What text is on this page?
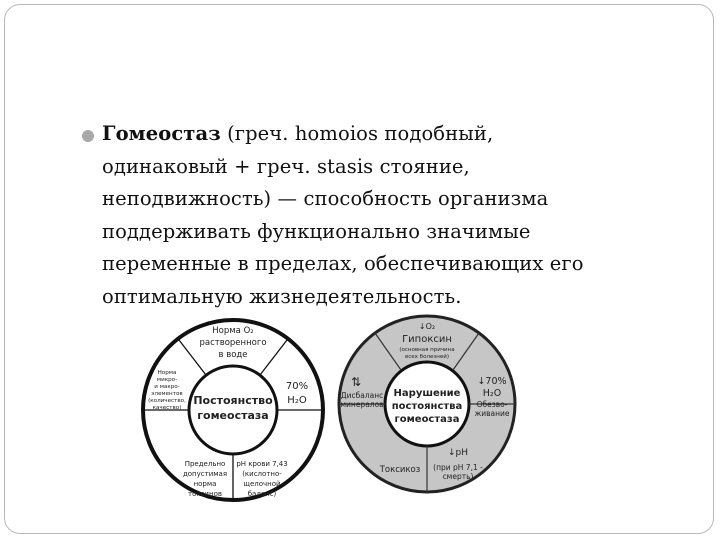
Гомеостаз (греч. homoios подобный,
одинаковый + греч. stasis стояние,
неподвижность) — способность организма
поддерживать функционально значимые
переменные в пределах, обеспечивающих его
оптимальную жизнедеятельность.
Постоянство
гомеостаза
Норма O₂
растворенного
в воде
Норма
микро-
и макро-
элементов
(количество,
качество)
70%
H₂O
Предельно
допустимая
норма
токсинов
pH крови 7,43
(кислотно-
щелочной
баланс)
Нарушение
постоянства
гомеостаза
↓O₂
Гипоксин
(основная причина
всех болезней)
⇅
Дисбаланс
минералов
↓70%
H₂O
Обезво-
живание
Токсикоз
↓pH
(при pH 7,1 -
смерть)
